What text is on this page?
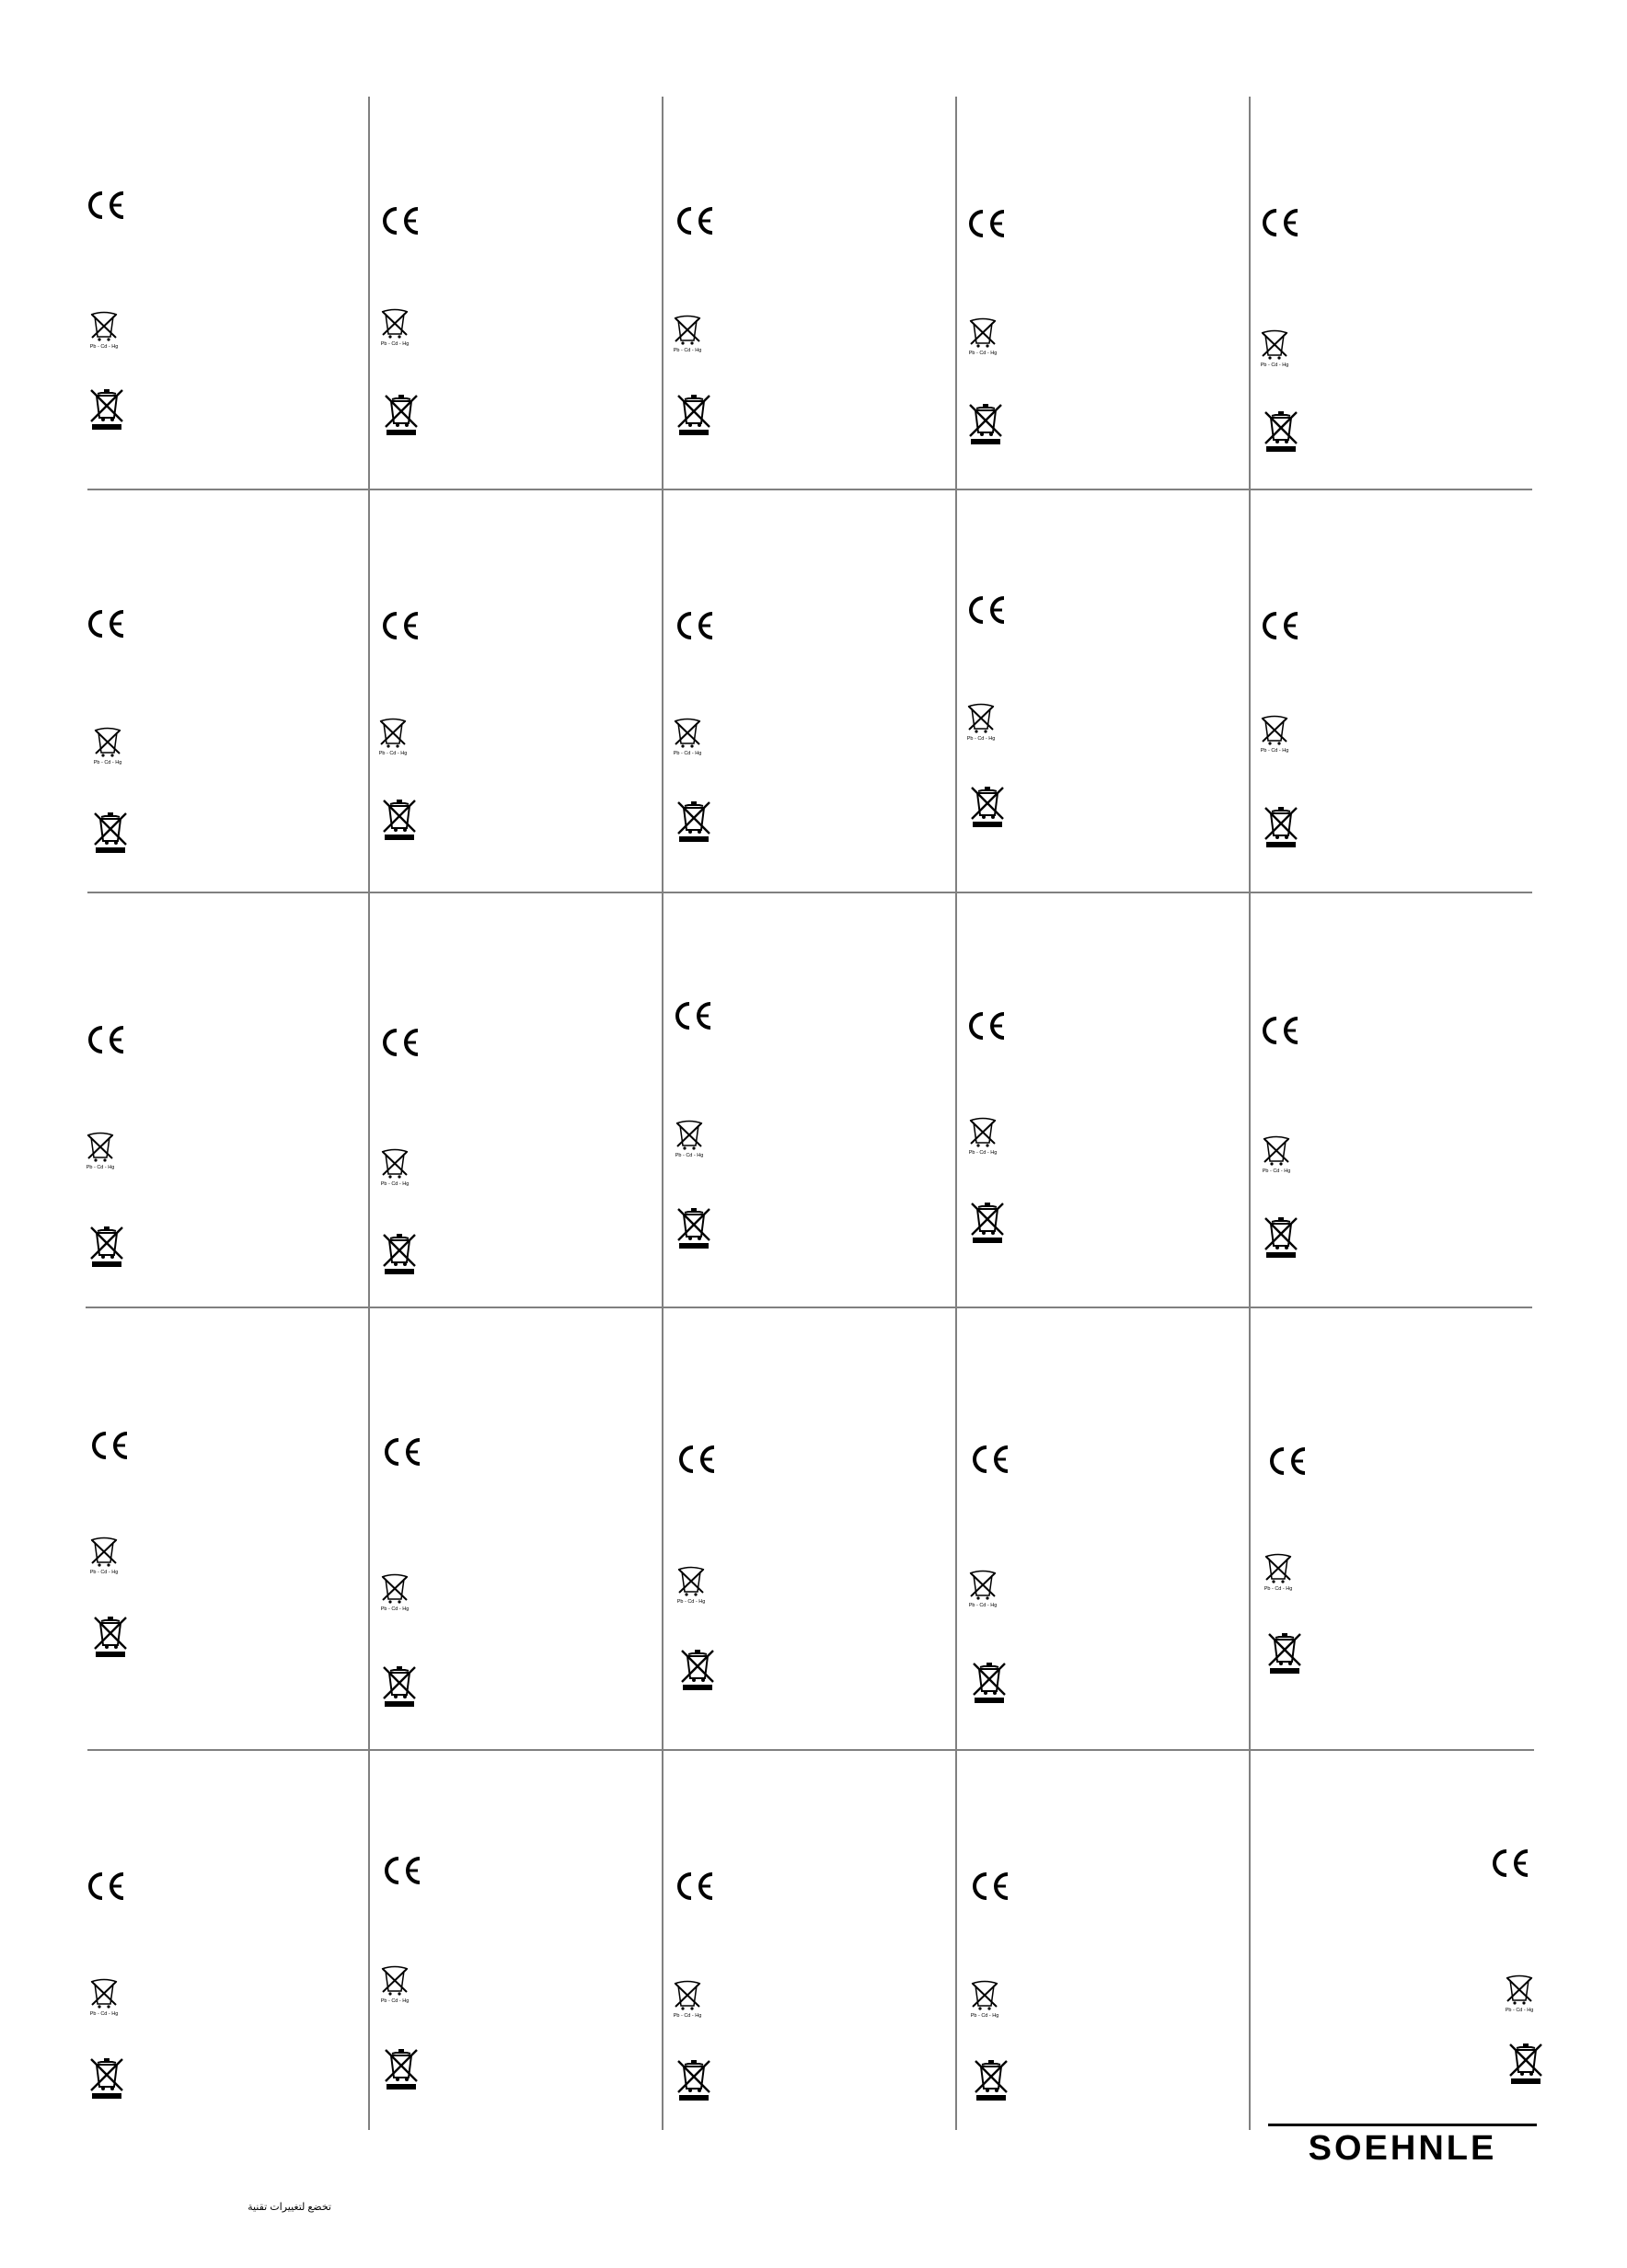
Pb - Cd - Hg	Pb - Cd - Hg
Pb - Cd - Hg	Pb - Cd - Hg
Pb - Cd - Hg
Pb - Cd - Hg
Pb - Cd - Hg	Pb - Cd - Hg
Pb - Cd - Hg
Pb - Cd - Hg
Pb - Cd - Hg
Pb - Cd - Hg
Pb - Cd - Hg	Pb - Cd - Hg
Pb - Cd - Hg
Pb - Cd - Hg
Pb - Cd - Hg
Pb - Cd - Hg
Pb - Cd - Hg
Pb - Cd - Hg
Pb - Cd - Hg
Pb - Cd - Hg
Pb - Cd - Hg	Pb - Cd - Hg
Pb - Cd - Hg
SOEHNLE
تخضع لتغييرات تقنية
